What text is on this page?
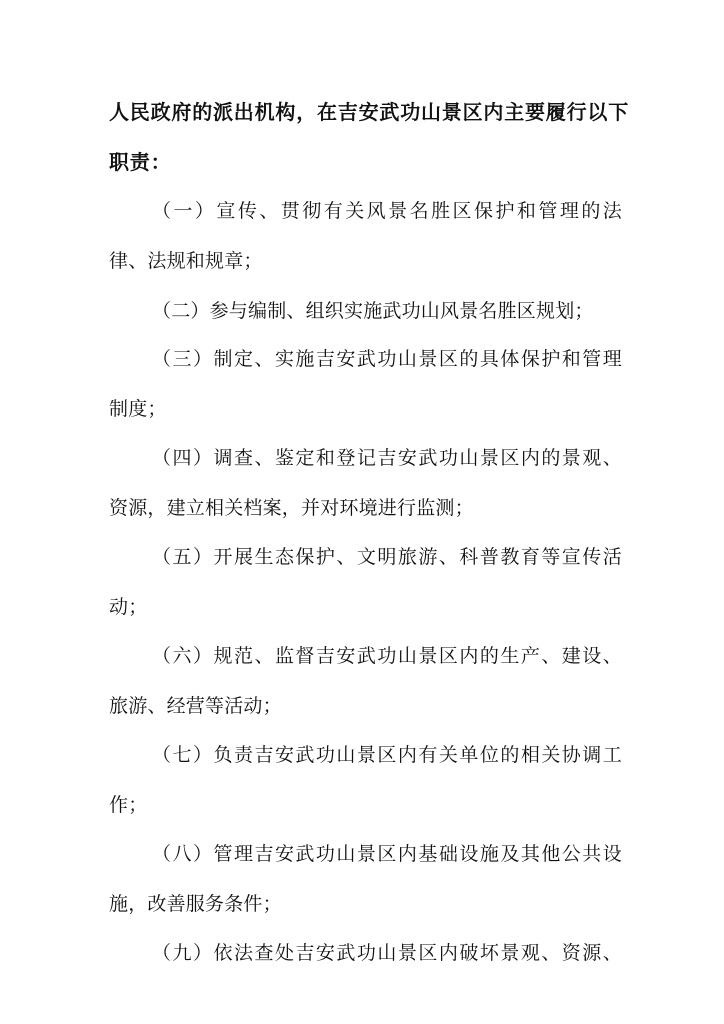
人民政府的派出机构，在吉安武功山景区内主要履行以下
职责：
（一）宣传、贯彻有关风景名胜区保护和管理的法
律、法规和规章；
（二）参与编制、组织实施武功山风景名胜区规划；
（三）制定、实施吉安武功山景区的具体保护和管理
制度；
（四）调查、鉴定和登记吉安武功山景区内的景观、
资源，建立相关档案，并对环境进行监测；
（五）开展生态保护、文明旅游、科普教育等宣传活
动；
（六）规范、监督吉安武功山景区内的生产、建设、
旅游、经营等活动；
（七）负责吉安武功山景区内有关单位的相关协调工
作；
（八）管理吉安武功山景区内基础设施及其他公共设
施，改善服务条件；
（九）依法查处吉安武功山景区内破坏景观、资源、
